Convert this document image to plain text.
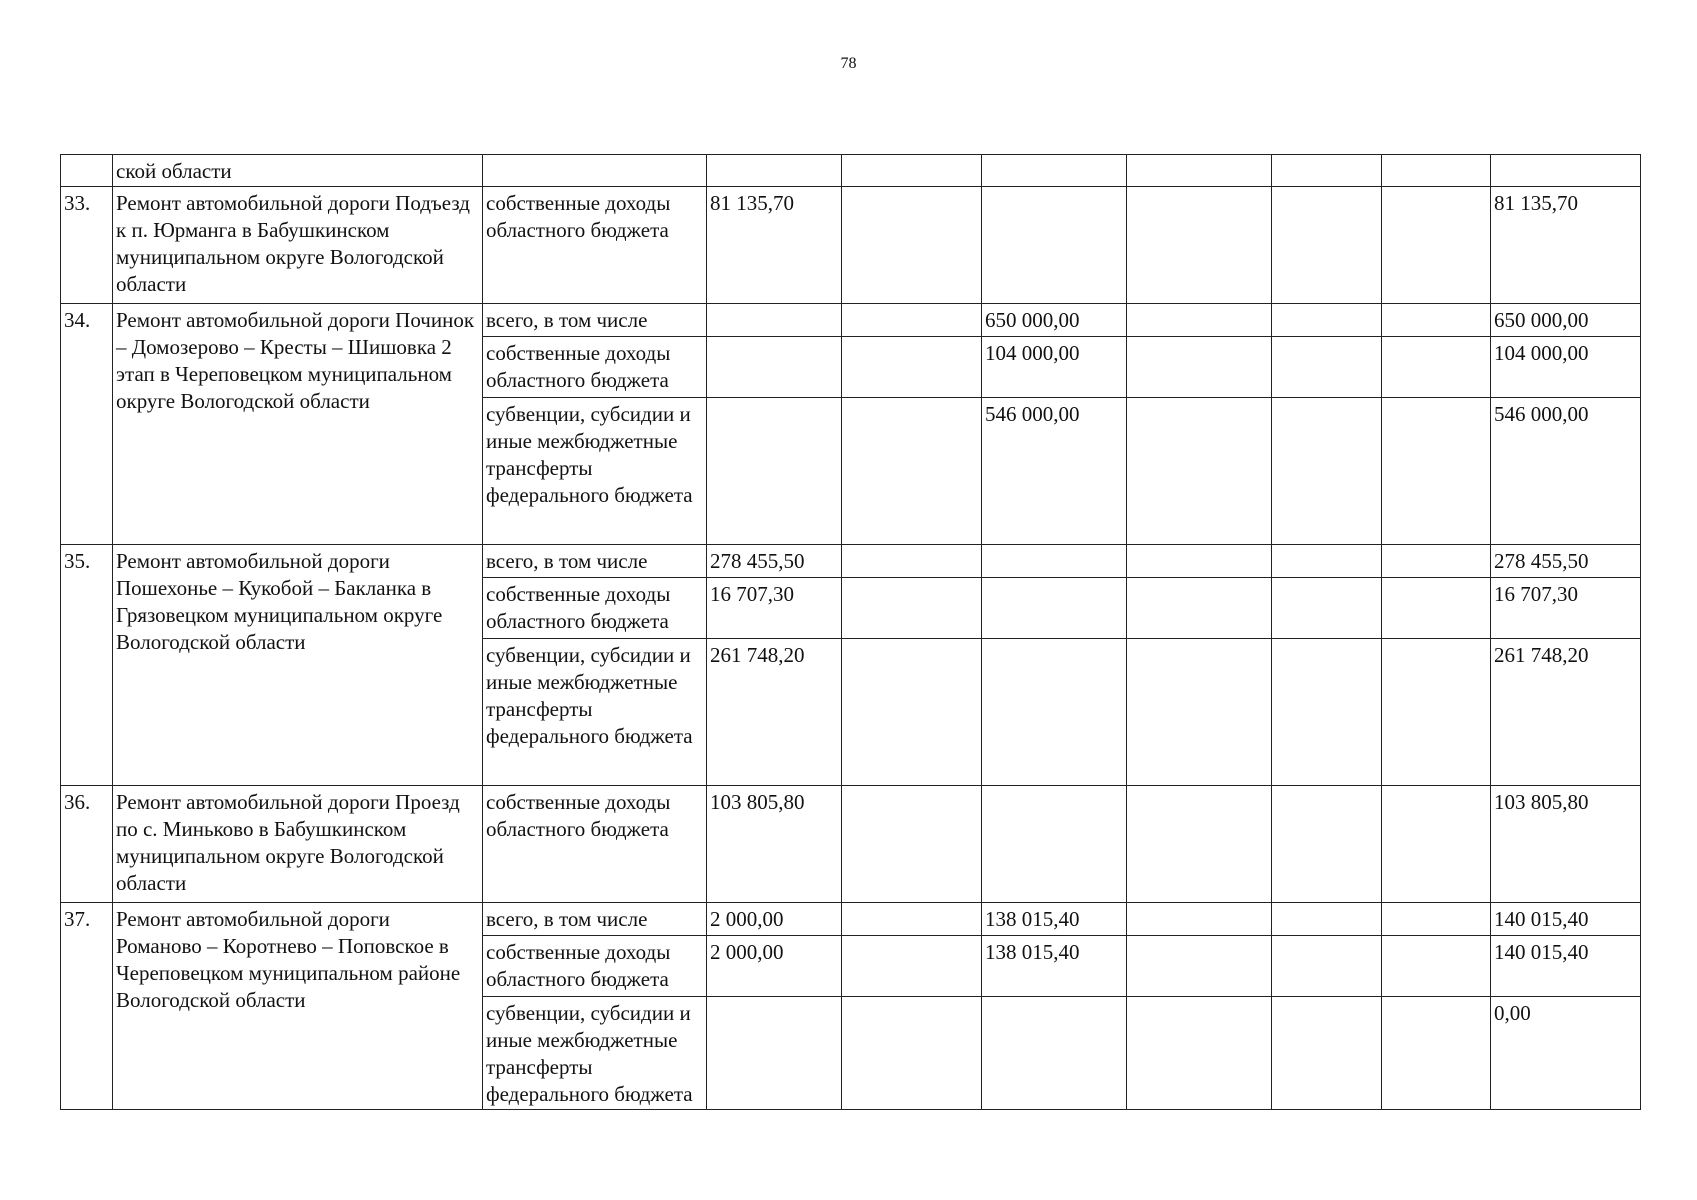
78
	ской области								
33.	Ремонт автомобильной дороги Подъезд к п. Юрманга в Бабушкинском муниципальном округе Вологодской области	собственные доходы областного бюджета	81 135,70						81 135,70
34.	Ремонт автомобильной дороги Починок – Домозерово – Кресты – Шишовка 2 этап в Череповецком муниципальном округе Вологодской области	всего, в том числе			650 000,00				650 000,00
		собственные доходы областного бюджета			104 000,00				104 000,00
		субвенции, субсидии и иные межбюджетные трансферты федерального бюджета			546 000,00				546 000,00
35.	Ремонт автомобильной дороги Пошехонье – Кукобой – Бакланка в Грязовецком муниципальном округе Вологодской области	всего, в том числе	278 455,50						278 455,50
		собственные доходы областного бюджета	16 707,30						16 707,30
		субвенции, субсидии и иные межбюджетные трансферты федерального бюджета	261 748,20						261 748,20
36.	Ремонт автомобильной дороги Проезд по с. Миньково в Бабушкинском муниципальном округе Вологодской области	собственные доходы областного бюджета	103 805,80						103 805,80
37.	Ремонт автомобильной дороги Романово – Коротнево – Поповское в Череповецком муниципальном районе Вологодской области	всего, в том числе	2 000,00		138 015,40				140 015,40
		собственные доходы областного бюджета	2 000,00		138 015,40				140 015,40
		субвенции, субсидии и иные межбюджетные трансферты федерального бюджета							0,00
